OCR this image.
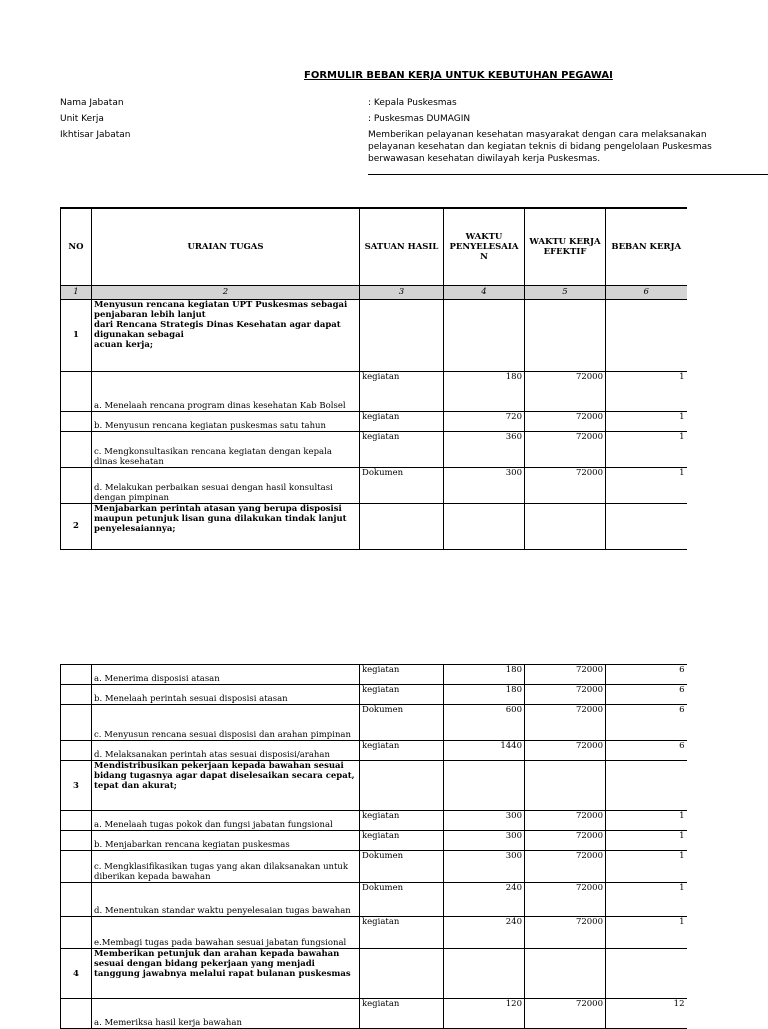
FORMULIR BEBAN KERJA UNTUK KEBUTUHAN PEGAWAI
Nama Jabatan	: Kepala Puskesmas
Unit Kerja	: Puskesmas DUMAGIN
Ikhtisar Jabatan	Memberikan pelayanan kesehatan masyarakat dengan cara melaksanakan
pelayanan kesehatan dan kegiatan teknis di bidang pengelolaan Puskesmas
berwawasan kesehatan diwilayah kerja Puskesmas.
NO	URAIAN TUGAS	SATUAN HASIL	WAKTU PENYELESAIA N	WAKTU KERJA EFEKTIF	BEBAN KERJA
1	2	3	4	5	6
1	Menyusun rencana kegiatan UPT Puskesmas sebagai penjabaran lebih lanjut
dari Rencana Strategis Dinas Kesehatan agar dapat digunakan sebagai
acuan kerja;				
	a. Menelaah rencana program dinas kesehatan Kab Bolsel	kegiatan	180	72000	1
	b. Menyusun rencana kegiatan puskesmas satu tahun	kegiatan	720	72000	1
	c. Mengkonsultasikan rencana kegiatan dengan kepala dinas kesehatan	kegiatan	360	72000	1
	d. Melakukan perbaikan sesuai dengan hasil konsultasi dengan pimpinan	Dokumen	300	72000	1
2	Menjabarkan perintah atasan yang berupa disposisi maupun petunjuk lisan guna dilakukan tindak lanjut penyelesaiannya;				
	a. Menerima disposisi atasan	kegiatan	180	72000	6
	b. Menelaah perintah sesuai disposisi atasan	kegiatan	180	72000	6
	c. Menyusun rencana sesuai disposisi dan arahan pimpinan	Dokumen	600	72000	6
	d. Melaksanakan perintah atas sesuai disposisi/arahan	kegiatan	1440	72000	6
3	Mendistribusikan pekerjaan kepada bawahan sesuai bidang tugasnya agar dapat diselesaikan secara cepat, tepat dan akurat;				
	a. Menelaah tugas pokok dan fungsi jabatan fungsional	kegiatan	300	72000	1
	b. Menjabarkan rencana kegiatan puskesmas	kegiatan	300	72000	1
	c. Mengklasifikasikan tugas yang akan dilaksanakan untuk diberikan kepada bawahan	Dokumen	300	72000	1
	d. Menentukan standar waktu penyelesaian tugas bawahan	Dokumen	240	72000	1
	e.Membagi tugas pada bawahan sesuai jabatan fungsional	kegiatan	240	72000	1
4	Memberikan petunjuk dan arahan kepada bawahan sesuai dengan bidang pekerjaan yang menjadi tanggung jawabnya melalui rapat bulanan puskesmas				
	a. Memeriksa hasil kerja bawahan	kegiatan	120	72000	12
